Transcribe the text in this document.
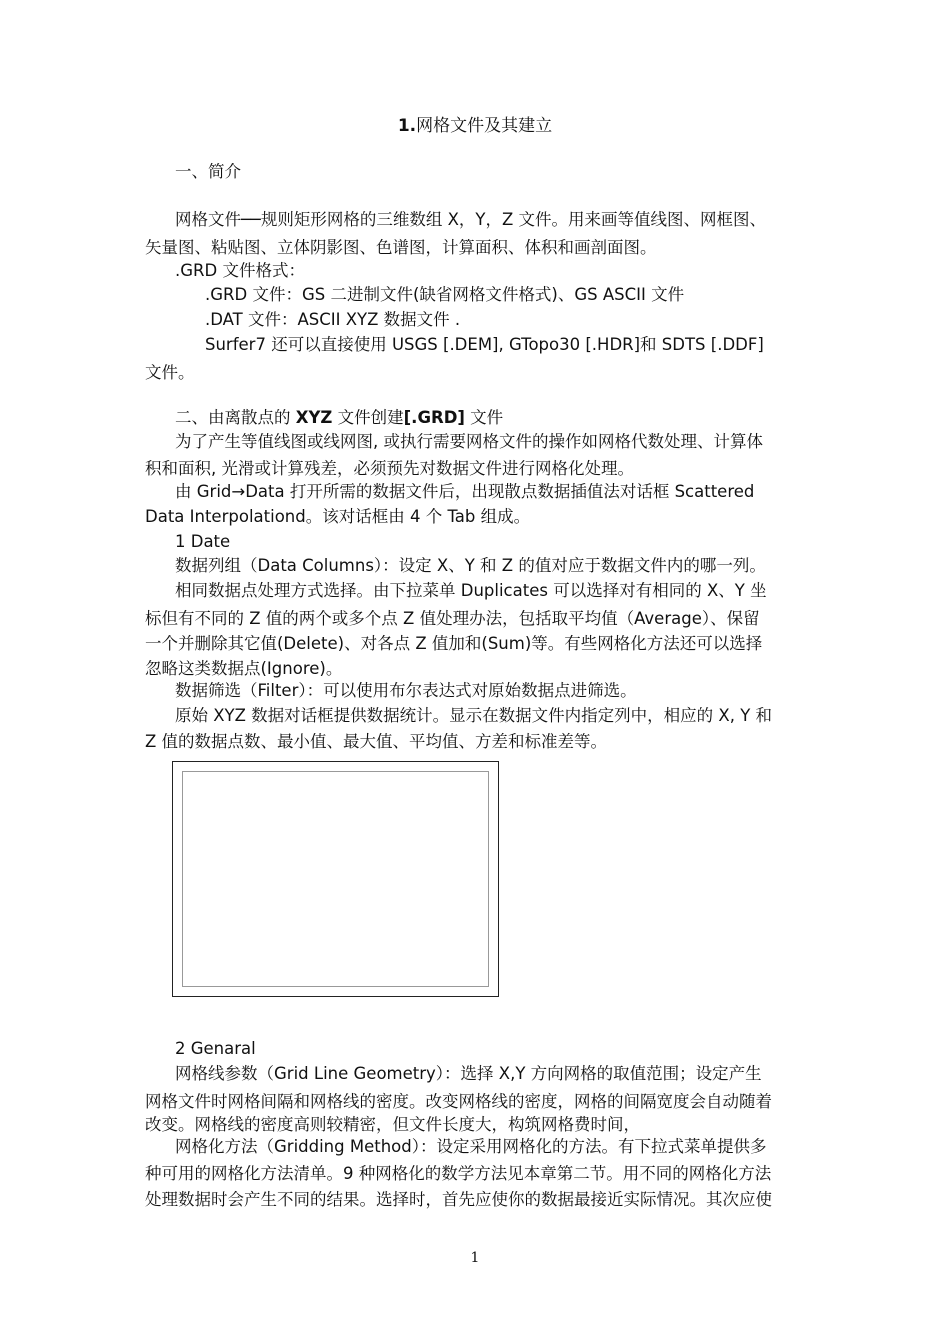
1.网格文件及其建立
一、简介
网格文件──规则矩形网格的三维数组 X，Y，Z 文件。用来画等值线图、网框图、
矢量图、粘贴图、立体阴影图、色谱图，计算面积、体积和画剖面图。
.GRD 文件格式：
.GRD 文件：GS 二进制文件(缺省网格文件格式)、GS ASCII 文件
.DAT 文件：ASCII XYZ 数据文件 .
Surfer7 还可以直接使用 USGS [.DEM], GTopo30 [.HDR]和 SDTS [.DDF]
文件。
二、由离散点的 XYZ 文件创建[.GRD] 文件
为了产生等值线图或线网图, 或执行需要网格文件的操作如网格代数处理、计算体
积和面积, 光滑或计算残差，必须预先对数据文件进行网格化处理。
由 Grid→Data 打开所需的数据文件后，出现散点数据插值法对话框 Scattered
Data Interpolationd。该对话框由 4 个 Tab 组成。
1 Date
数据列组（Data Columns）：设定 X、Y 和 Z 的值对应于数据文件内的哪一列。
相同数据点处理方式选择。由下拉菜单 Duplicates 可以选择对有相同的 X、Y 坐
标但有不同的 Z 值的两个或多个点 Z 值处理办法，包括取平均值（Average）、保留
一个并删除其它值(Delete)、对各点 Z 值加和(Sum)等。有些网格化方法还可以选择
忽略这类数据点(Ignore)。
数据筛选（Filter）：可以使用布尔表达式对原始数据点进筛选。
原始 XYZ 数据对话框提供数据统计。显示在数据文件内指定列中，相应的 X, Y 和
Z 值的数据点数、最小值、最大值、平均值、方差和标准差等。
2 Genaral
网格线参数（Grid Line Geometry）：选择 X,Y 方向网格的取值范围；设定产生
网格文件时网格间隔和网格线的密度。改变网格线的密度，网格的间隔宽度会自动随着
改变。网格线的密度高则较精密，但文件长度大，构筑网格费时间，
网格化方法（Gridding Method）：设定采用网格化的方法。有下拉式菜单提供多
种可用的网格化方法清单。9 种网格化的数学方法见本章第二节。用不同的网格化方法
处理数据时会产生不同的结果。选择时，首先应使你的数据最接近实际情况。其次应使
1
